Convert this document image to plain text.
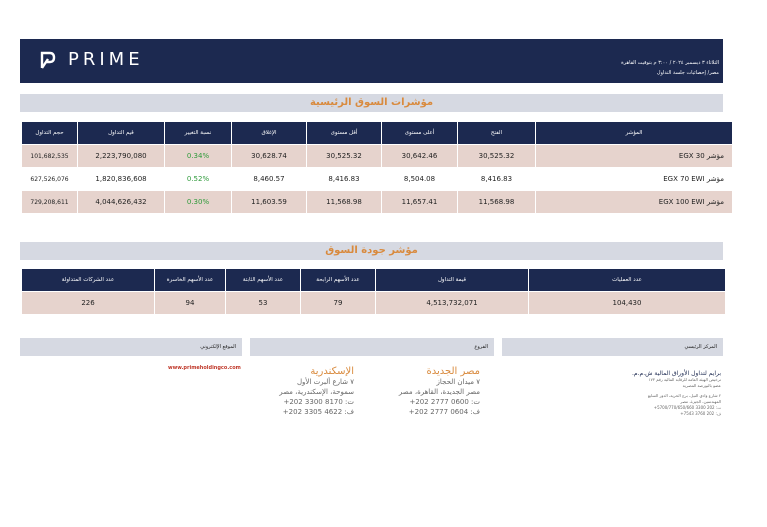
PRIME	الثلاثاء ٣ ديسمبر ٢٠٢٤ / ٣:٠٠ م بتوقيت القاهرة
مصر/ إحصائيات جلسة التداول
مؤشرات السوق الرئيسية
المؤشر	الفتح	أعلى مستوى	أقل مستوى	الإغلاق	نسبة التغيير	قيم التداول	حجم التداول
مؤشر EGX 30	30,525.32	30,642.46	30,525.32	30,628.74	0.34%	2,223,790,080	101,682,535
مؤشر EGX 70 EWI	8,416.83	8,504.08	8,416.83	8,460.57	0.52%	1,820,836,608	627,526,076
مؤشر EGX 100 EWI	11,568.98	11,657.41	11,568.98	11,603.59	0.30%	4,044,626,432	729,208,611
مؤشر جودة السوق
عدد العمليات	قيمة التداول	عدد الأسهم الرابحة	عدد الأسهم الثابتة	عدد الأسهم الخاسرة	عدد الشركات المتداولة
104,430	4,513,732,071	79	53	94	226
الموقع الإلكتروني	الفروع	المركز الرئيسي
www.primeholdingco.com	الإسكندرية
٧ شارع ألبرت الأول
سموحة، الإسكندرية، مصر
ت: 8170 3300 202+
ف: 4622 3305 202+
مصر الجديدة
٧ ميدان الحجاز
مصر الجديدة، القاهرة، مصر
ت: 0600 2777 202+
ف: 0604 2777 202+
برايم لتداول الأوراق المالية ش.م.م.
ترخيص الهيئة العامة للرقابة المالية رقم ١٧٣
عضو بالبورصة المصرية
٢ شارع وادي النيل، برج الحرية، الدور السابع
المهندسين، الجيزة، مصر
ت: 202 3300 5700/770/650/660+
ف: 202 3760 7543+
